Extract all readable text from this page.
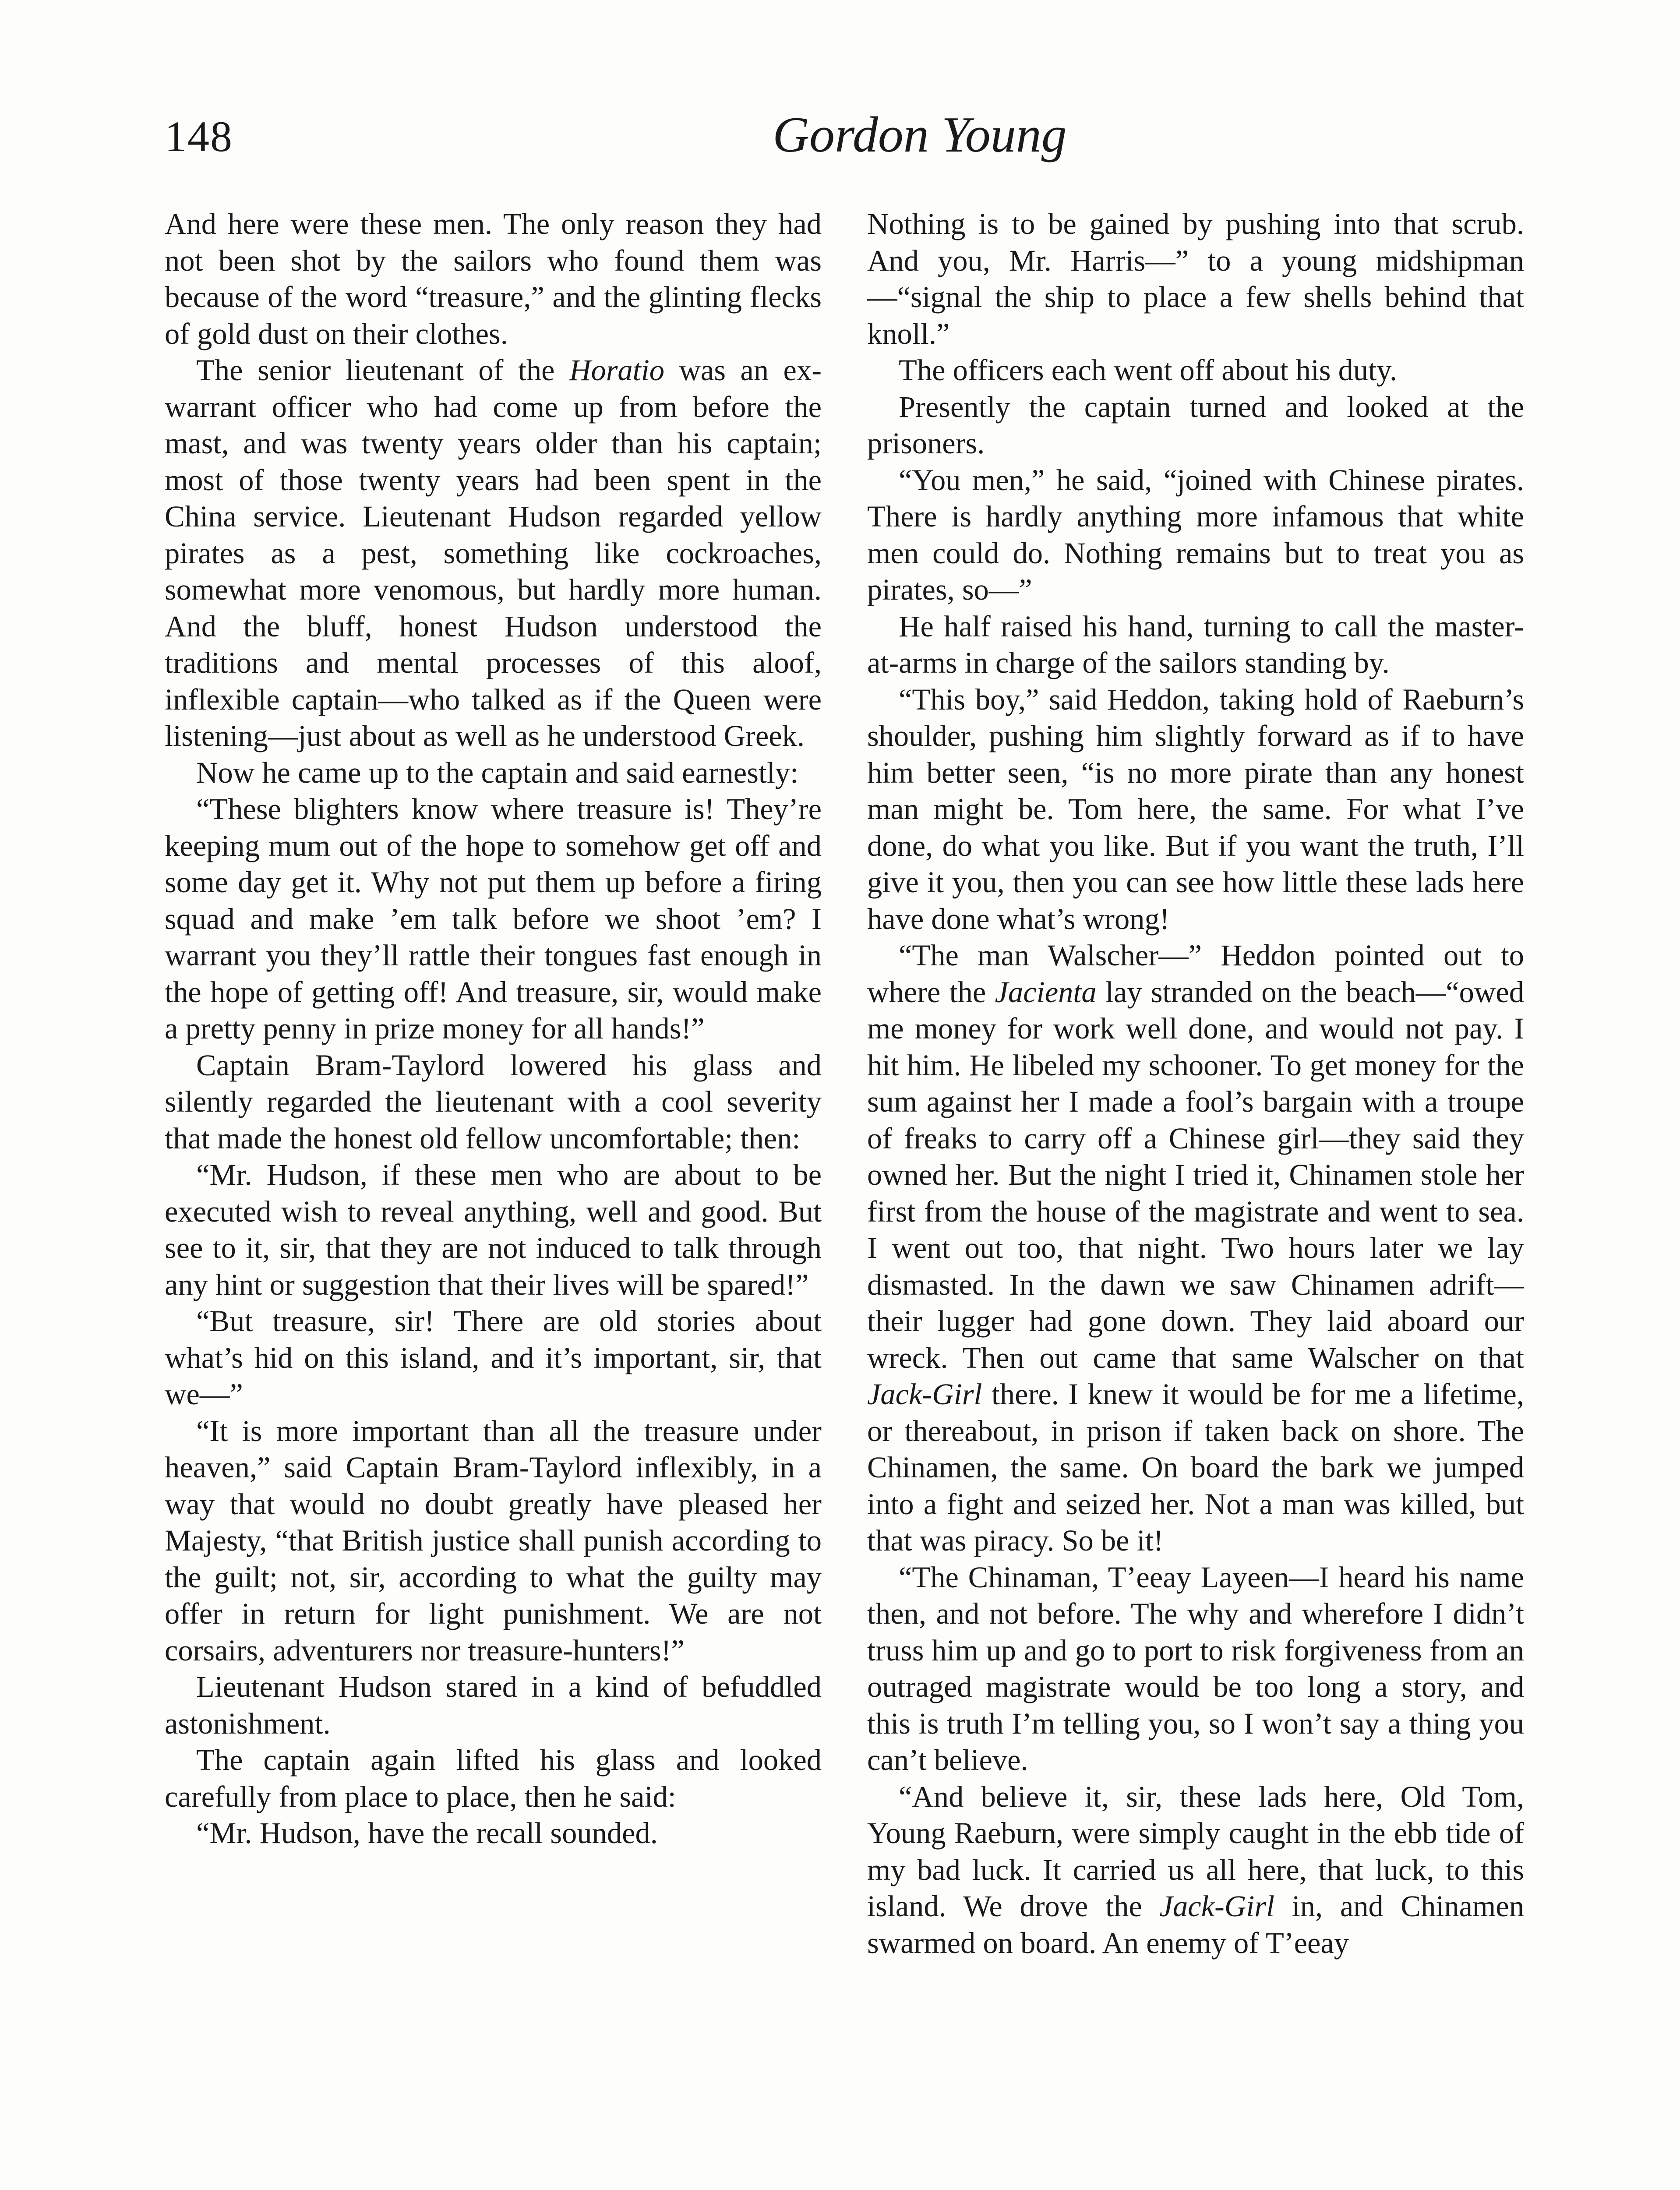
148	Gordon Young

And here were these men. The only reason they had not been shot by the sailors who found them was because of the word “treasure,” and the glinting flecks of gold dust on their clothes.

The senior lieutenant of the Horatio was an ex-warrant officer who had come up from before the mast, and was twenty years older than his captain; most of those twenty years had been spent in the China service. Lieutenant Hudson regarded yellow pirates as a pest, something like cockroaches, somewhat more venomous, but hardly more human. And the bluff, honest Hudson understood the traditions and mental processes of this aloof, inflexible captain—who talked as if the Queen were listening—just about as well as he understood Greek.

Now he came up to the captain and said earnestly:

“These blighters know where treasure is! They’re keeping mum out of the hope to somehow get off and some day get it. Why not put them up before a firing squad and make ’em talk before we shoot ’em? I warrant you they’ll rattle their tongues fast enough in the hope of getting off! And treasure, sir, would make a pretty penny in prize money for all hands!”

Captain Bram-Taylord lowered his glass and silently regarded the lieutenant with a cool severity that made the honest old fellow uncomfortable; then:

“Mr. Hudson, if these men who are about to be executed wish to reveal anything, well and good. But see to it, sir, that they are not induced to talk through any hint or suggestion that their lives will be spared!”

“But treasure, sir! There are old stories about what’s hid on this island, and it’s important, sir, that we—”

“It is more important than all the treasure under heaven,” said Captain Bram-Taylord inflexibly, in a way that would no doubt greatly have pleased her Majesty, “that British justice shall punish according to the guilt; not, sir, according to what the guilty may offer in return for light punishment. We are not corsairs, adventurers nor treasure-hunters!”

Lieutenant Hudson stared in a kind of befuddled astonishment.

The captain again lifted his glass and looked carefully from place to place, then he said:

“Mr. Hudson, have the recall sounded.

Nothing is to be gained by pushing into that scrub. And you, Mr. Harris—” to a young midshipman—“signal the ship to place a few shells behind that knoll.”

The officers each went off about his duty.

Presently the captain turned and looked at the prisoners.

“You men,” he said, “joined with Chinese pirates. There is hardly anything more infamous that white men could do. Nothing remains but to treat you as pirates, so—”

He half raised his hand, turning to call the master-at-arms in charge of the sailors standing by.

“This boy,” said Heddon, taking hold of Raeburn’s shoulder, pushing him slightly forward as if to have him better seen, “is no more pirate than any honest man might be. Tom here, the same. For what I’ve done, do what you like. But if you want the truth, I’ll give it you, then you can see how little these lads here have done what’s wrong!

“The man Walscher—” Heddon pointed out to where the Jacienta lay stranded on the beach—“owed me money for work well done, and would not pay. I hit him. He libeled my schooner. To get money for the sum against her I made a fool’s bargain with a troupe of freaks to carry off a Chinese girl—they said they owned her. But the night I tried it, Chinamen stole her first from the house of the magistrate and went to sea. I went out too, that night. Two hours later we lay dismasted. In the dawn we saw Chinamen adrift—their lugger had gone down. They laid aboard our wreck. Then out came that same Walscher on that Jack-Girl there. I knew it would be for me a lifetime, or thereabout, in prison if taken back on shore. The Chinamen, the same. On board the bark we jumped into a fight and seized her. Not a man was killed, but that was piracy. So be it!

“The Chinaman, T’eeay Layeen—I heard his name then, and not before. The why and wherefore I didn’t truss him up and go to port to risk forgiveness from an outraged magistrate would be too long a story, and this is truth I’m telling you, so I won’t say a thing you can’t believe.

“And believe it, sir, these lads here, Old Tom, Young Raeburn, were simply caught in the ebb tide of my bad luck. It carried us all here, that luck, to this island. We drove the Jack-Girl in, and Chinamen swarmed on board. An enemy of T’eeay
